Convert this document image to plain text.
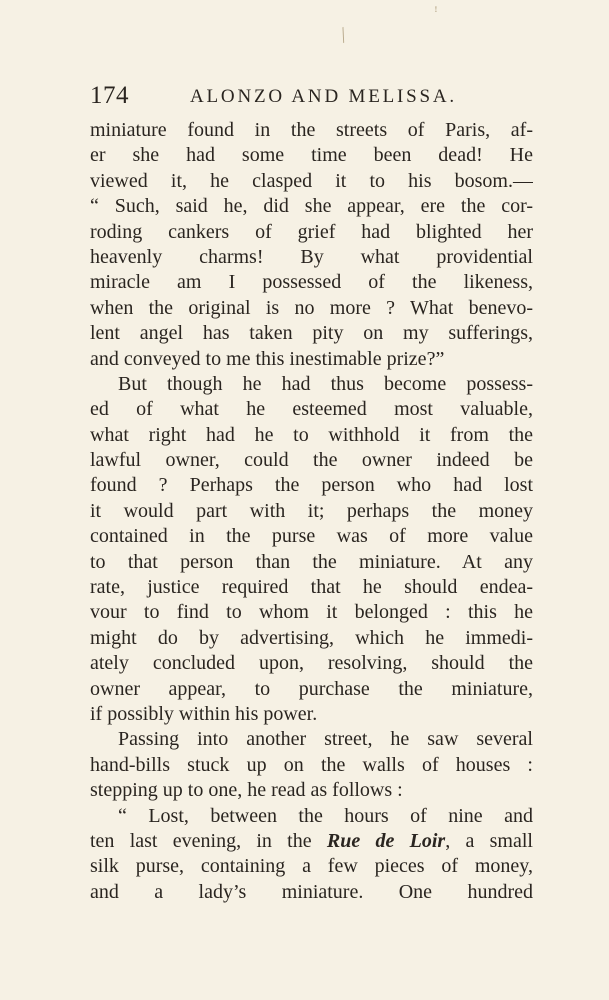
ꜝ
╱
174	ALONZO AND MELISSA.
miniature found in the streets of Paris, af-
er she had some time been dead! He
viewed it, he clasped it to his bosom.—
“ Such, said he, did she appear, ere the cor-
roding cankers of grief had blighted her
heavenly charms! By what providential
miracle am I possessed of the likeness,
when the original is no more ? What benevo-
lent angel has taken pity on my sufferings,
and conveyed to me this inestimable prize?”
But though he had thus become possess-
ed of what he esteemed most valuable,
what right had he to withhold it from the
lawful owner, could the owner indeed be
found ? Perhaps the person who had lost
it would part with it; perhaps the money
contained in the purse was of more value
to that person than the miniature. At any
rate, justice required that he should endea-
vour to find to whom it belonged : this he
might do by advertising, which he immedi-
ately concluded upon, resolving, should the
owner appear, to purchase the miniature,
if possibly within his power.
Passing into another street, he saw several
hand-bills stuck up on the walls of houses :
stepping up to one, he read as follows :
“ Lost, between the hours of nine and
ten last evening, in the Rue de Loir, a small
silk purse, containing a few pieces of money,
and a lady’s miniature. One hundred
